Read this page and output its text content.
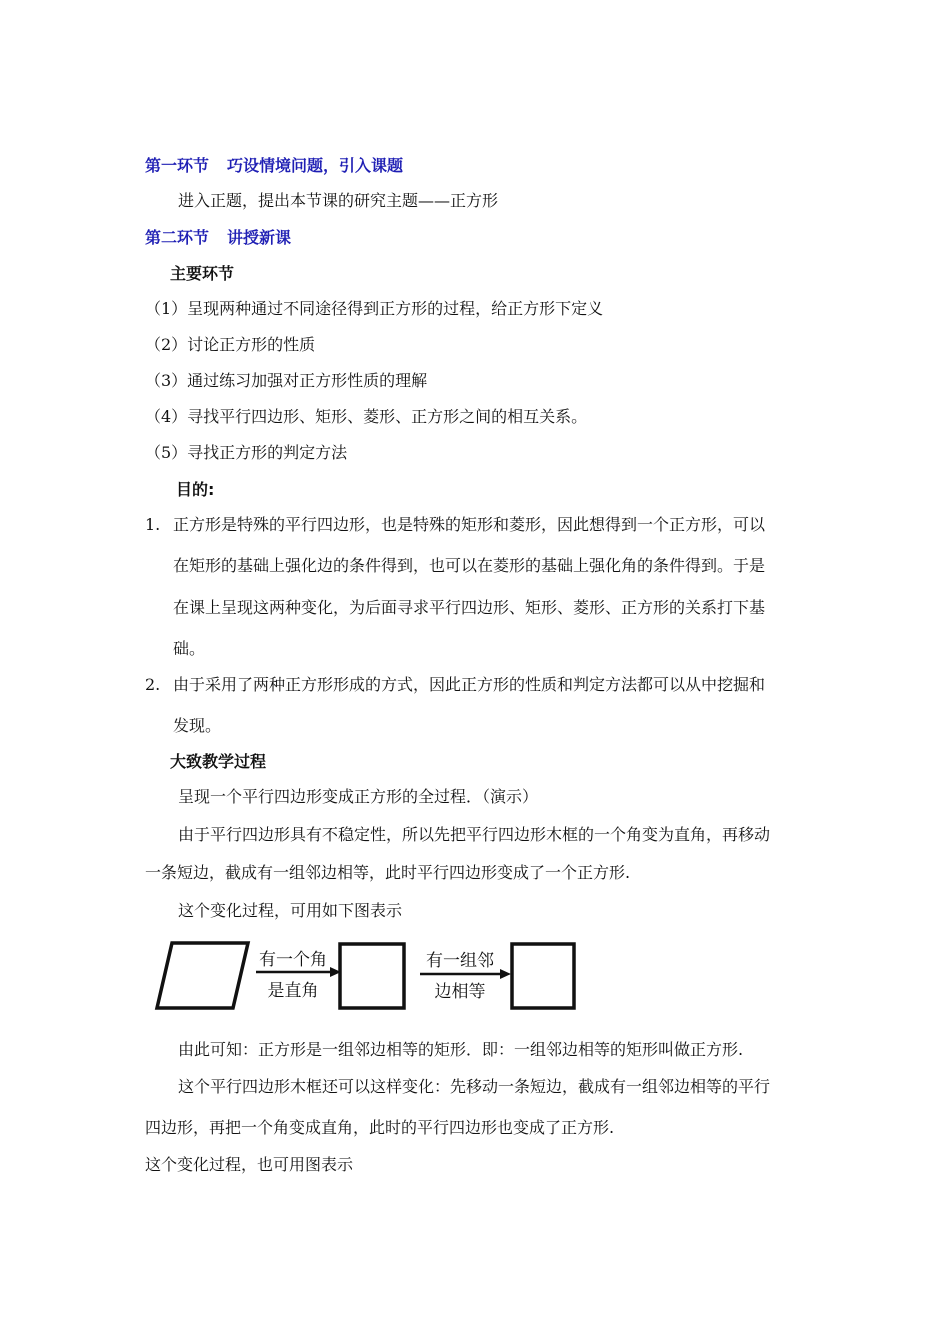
第一环节 巧设情境问题，引入课题
进入正题，提出本节课的研究主题——正方形
第二环节 讲授新课
主要环节
（1）呈现两种通过不同途径得到正方形的过程，给正方形下定义
（2）讨论正方形的性质
（3）通过练习加强对正方形性质的理解
（4）寻找平行四边形、矩形、菱形、正方形之间的相互关系。
（5）寻找正方形的判定方法
目的:
1. 正方形是特殊的平行四边形，也是特殊的矩形和菱形，因此想得到一个正方形，可以
在矩形的基础上强化边的条件得到，也可以在菱形的基础上强化角的条件得到。于是
在课上呈现这两种变化，为后面寻求平行四边形、矩形、菱形、正方形的关系打下基
础。
2. 由于采用了两种正方形形成的方式，因此正方形的性质和判定方法都可以从中挖掘和
发现。
大致教学过程
呈现一个平行四边形变成正方形的全过程．（演示）
由于平行四边形具有不稳定性，所以先把平行四边形木框的一个角变为直角，再移动
一条短边，截成有一组邻边相等，此时平行四边形变成了一个正方形.
这个变化过程，可用如下图表示
有一个角
是直角
有一组邻
边相等
由此可知：正方形是一组邻边相等的矩形．即：一组邻边相等的矩形叫做正方形.
这个平行四边形木框还可以这样变化：先移动一条短边，截成有一组邻边相等的平行
四边形，再把一个角变成直角，此时的平行四边形也变成了正方形.
这个变化过程，也可用图表示
